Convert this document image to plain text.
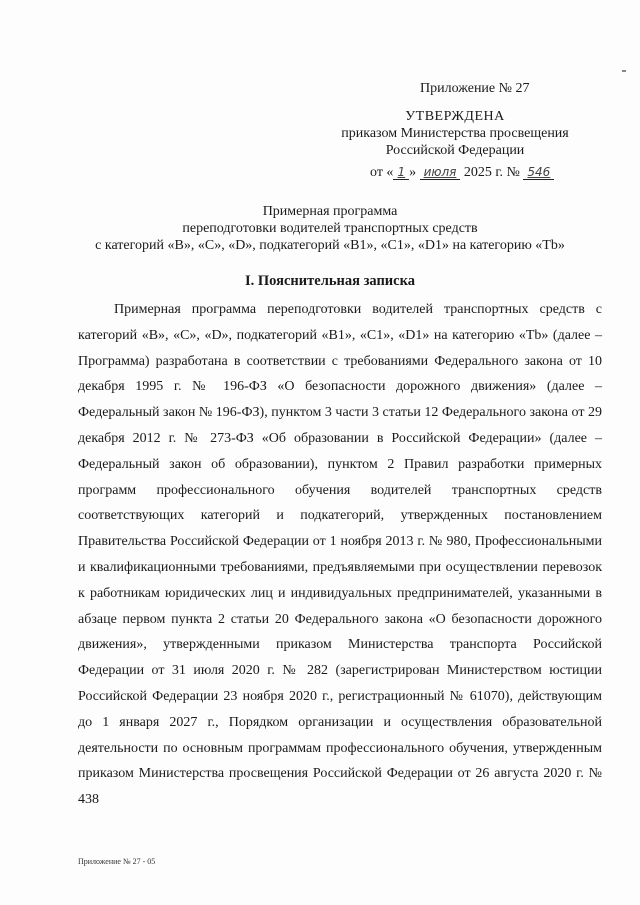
Приложение № 27
УТВЕРЖДЕНА
приказом Министерства просвещения
Российской Федерации
от « 1 » июля 2025 г. № 546
Примерная программа
переподготовки водителей транспортных средств
с категорий «B», «C», «D», подкатегорий «B1», «C1», «D1» на категорию «Tb»
I. Пояснительная записка

Примерная программа переподготовки водителей транспортных средств с категорий «B», «C», «D», подкатегорий «B1», «C1», «D1» на категорию «Tb» (далее – Программа) разработана в соответствии с требованиями Федерального закона от 10 декабря 1995 г. № 196-ФЗ «О безопасности дорожного движения» (далее – Федеральный закон № 196-ФЗ), пунктом 3 части 3 статьи 12 Федерального закона от 29 декабря 2012 г. № 273-ФЗ «Об образовании в Российской Федерации» (далее – Федеральный закон об образовании), пунктом 2 Правил разработки примерных программ профессионального обучения водителей транспортных средств соответствующих категорий и подкатегорий, утвержденных постановлением Правительства Российской Федерации от 1 ноября 2013 г. № 980, Профессиональными и квалификационными требованиями, предъявляемыми при осуществлении перевозок к работникам юридических лиц и индивидуальных предпринимателей, указанными в абзаце первом пункта 2 статьи 20 Федерального закона «О безопасности дорожного движения», утвержденными приказом Министерства транспорта Российской Федерации от 31 июля 2020 г. № 282 (зарегистрирован Министерством юстиции Российской Федерации 23 ноября 2020 г., регистрационный № 61070), действующим до 1 января 2027 г., Порядком организации и осуществления образовательной деятельности по основным программам профессионального обучения, утвержденным приказом Министерства просвещения Российской Федерации от 26 августа 2020 г. № 438

Приложение № 27 - 05
